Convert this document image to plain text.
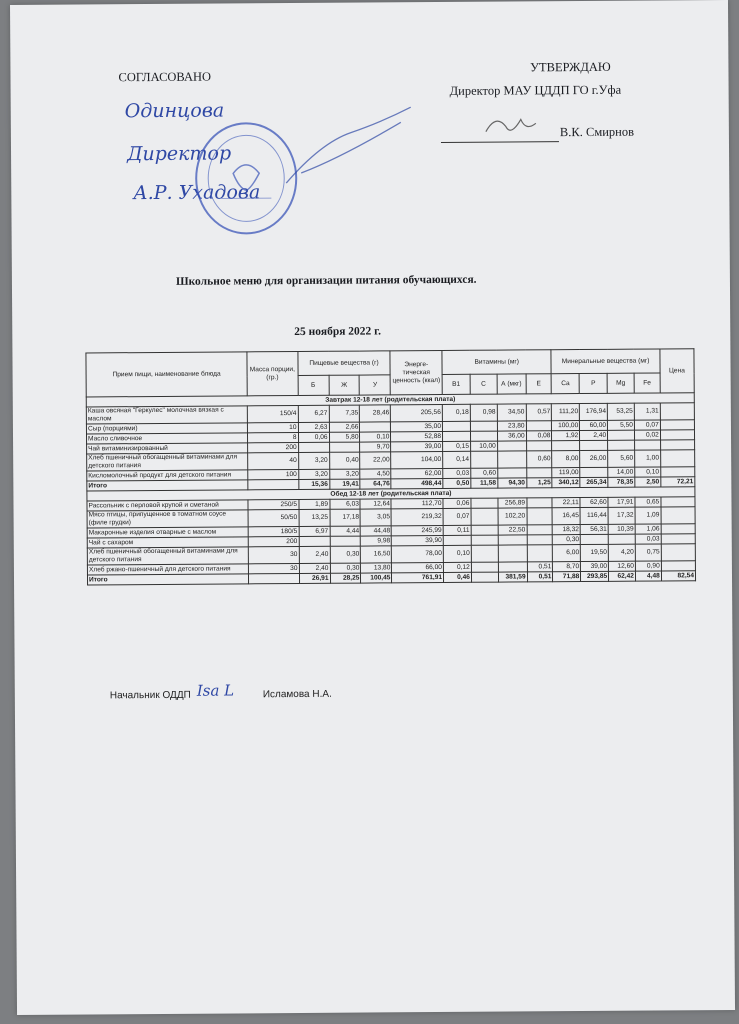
СОГЛАСОВАНО
Одинцова
Директор
А.Р. Ухадова
УТВЕРЖДАЮ
Директор МАУ ЦДДП ГО г.Уфа
В.К. Смирнов
Школьное меню для организации питания обучающихся.
25 ноября 2022 г.
Прием пищи, наименование блюда	Масса порции, (гр.)	Пищевые вещества (г)			Энерге-тическая ценность (ккал)	Витамины (мг)				Минеральные вещества (мг)				Цена
		Б	Ж	У		В1	С	А (мкг)	Е	Ca	P	Mg	Fe	
Завтрак 12-18 лет (родительская плата)														
Каша овсяная "Геркулес" молочная вязкая с маслом	150/4	6,27	7,35	28,46	205,56	0,18	0,98	34,50	0,57	111,20	176,94	53,25	1,31	
Сыр (порциями)	10	2,63	2,66		35,00			23,80		100,00	60,00	5,50	0,07	
Масло сливочное	8	0,06	5,80	0,10	52,88			36,00	0,08	1,92	2,40		0,02	
Чай витаминизированный	200			9,70	39,00	0,15	10,00							
Хлеб пшеничный обогащенный витаминами для детского питания	40	3,20	0,40	22,00	104,00	0,14			0,60	8,00	26,00	5,60	1,00	
Кисломолочный продукт для детского питания	100	3,20	3,20	4,50	62,00	0,03	0,60			119,00		14,00	0,10	
Итого		15,36	19,41	64,76	498,44	0,50	11,58	94,30	1,25	340,12	265,34	78,35	2,50	72,21
Обед 12-18 лет (родительская плата)														
Рассольник с перловой крупой и сметаной	250/5	1,89	6,03	12,64	112,70	0,06		256,89		22,11	62,60	17,91	0,65	
Мясо птицы, припущенное в томатном соусе (филе грудки)	50/50	13,25	17,18	3,05	219,32	0,07		102,20		16,45	116,44	17,32	1,09	
Макаронные изделия отварные с маслом	180/5	6,97	4,44	44,48	245,99	0,11		22,50		18,32	56,31	10,39	1,06	
Чай с сахаром	200			9,98	39,90					0,30			0,03	
Хлеб пшеничный обогащенный витаминами для детского питания	30	2,40	0,30	16,50	78,00	0,10				6,00	19,50	4,20	0,75	
Хлеб ржано-пшеничный для детского питания	30	2,40	0,30	13,80	66,00	0,12			0,51	8,70	39,00	12,60	0,90	
Итого		26,91	28,25	100,45	761,91	0,46		381,59	0,51	71,88	293,85	62,42	4,48	82,54
Начальник ОДДП Isa L	Исламова Н.А.
